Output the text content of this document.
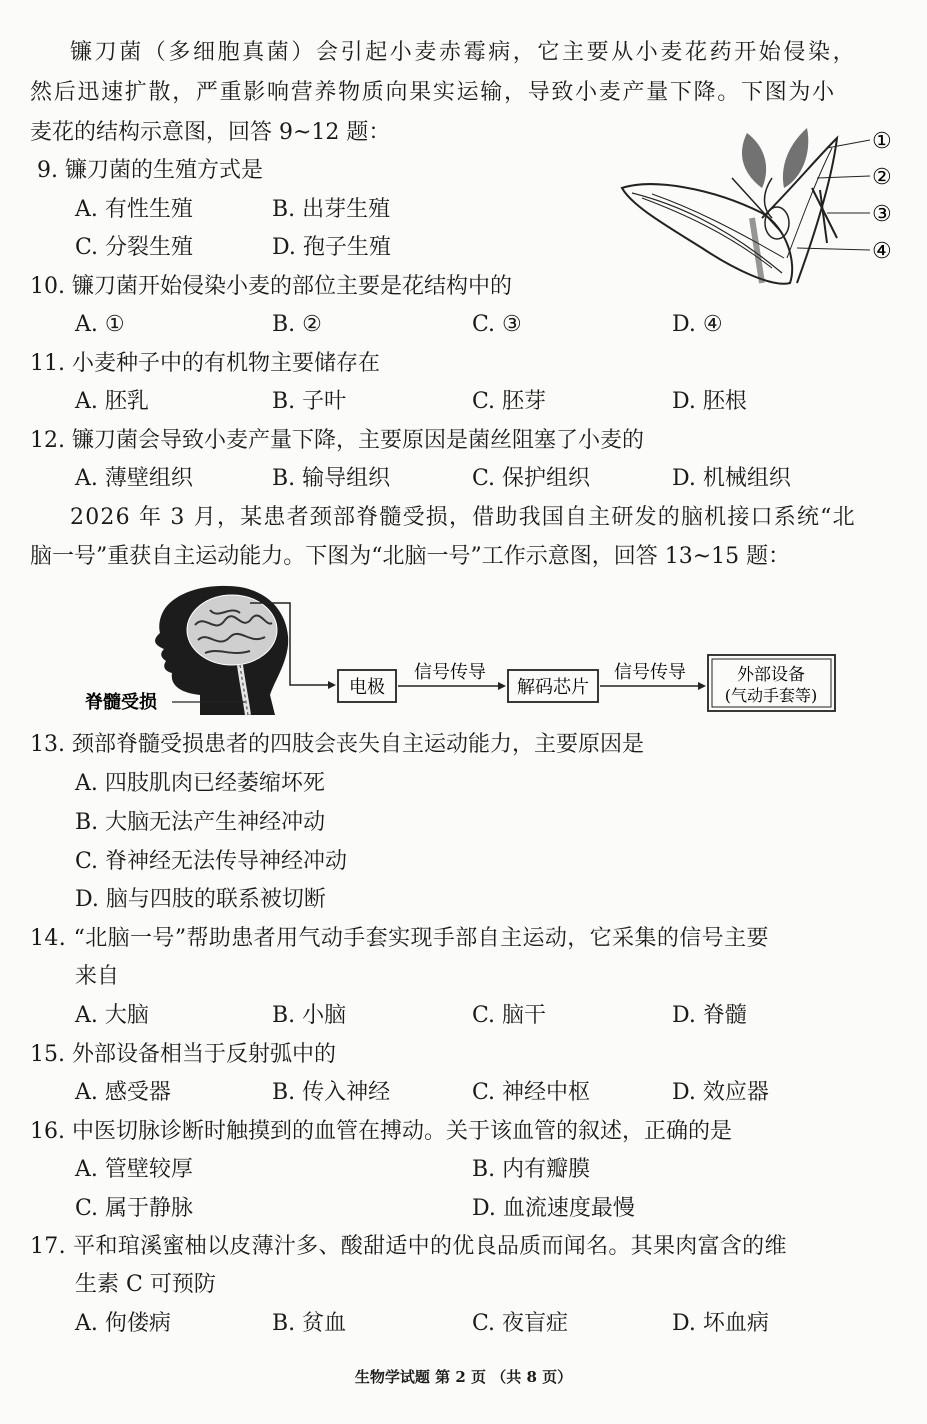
镰刀菌（多细胞真菌）会引起小麦赤霉病，它主要从小麦花药开始侵染，
然后迅速扩散，严重影响营养物质向果实运输，导致小麦产量下降。下图为小
麦花的结构示意图，回答 9~12 题：	①
②
③
④
9. 镰刀菌的生殖方式是
A. 有性生殖	B. 出芽生殖
C. 分裂生殖	D. 孢子生殖
10. 镰刀菌开始侵染小麦的部位主要是花结构中的
A. ①	B. ②	C. ③	D. ④
11. 小麦种子中的有机物主要储存在
A. 胚乳	B. 子叶	C. 胚芽	D. 胚根
12. 镰刀菌会导致小麦产量下降，主要原因是菌丝阻塞了小麦的
A. 薄壁组织	B. 输导组织	C. 保护组织	D. 机械组织
2026 年 3 月，某患者颈部脊髓受损，借助我国自主研发的脑机接口系统“北
脑一号”重获自主运动能力。下图为“北脑一号”工作示意图，回答 13~15 题：
脊髓受损
电极
信号传导
解码芯片
信号传导	外部设备
(气动手套等)
13. 颈部脊髓受损患者的四肢会丧失自主运动能力，主要原因是
A. 四肢肌肉已经萎缩坏死
B. 大脑无法产生神经冲动
C. 脊神经无法传导神经冲动
D. 脑与四肢的联系被切断
14. “北脑一号”帮助患者用气动手套实现手部自主运动，它采集的信号主要
来自
A. 大脑	B. 小脑	C. 脑干	D. 脊髓
15. 外部设备相当于反射弧中的
A. 感受器	B. 传入神经	C. 神经中枢	D. 效应器
16. 中医切脉诊断时触摸到的血管在搏动。关于该血管的叙述，正确的是
A. 管壁较厚	B. 内有瓣膜
C. 属于静脉	D. 血流速度最慢
17. 平和琯溪蜜柚以皮薄汁多、酸甜适中的优良品质而闻名。其果肉富含的维
生素 C 可预防
A. 佝偻病	B. 贫血	C. 夜盲症	D. 坏血病
生物学试题 第 2 页 （共 8 页）
